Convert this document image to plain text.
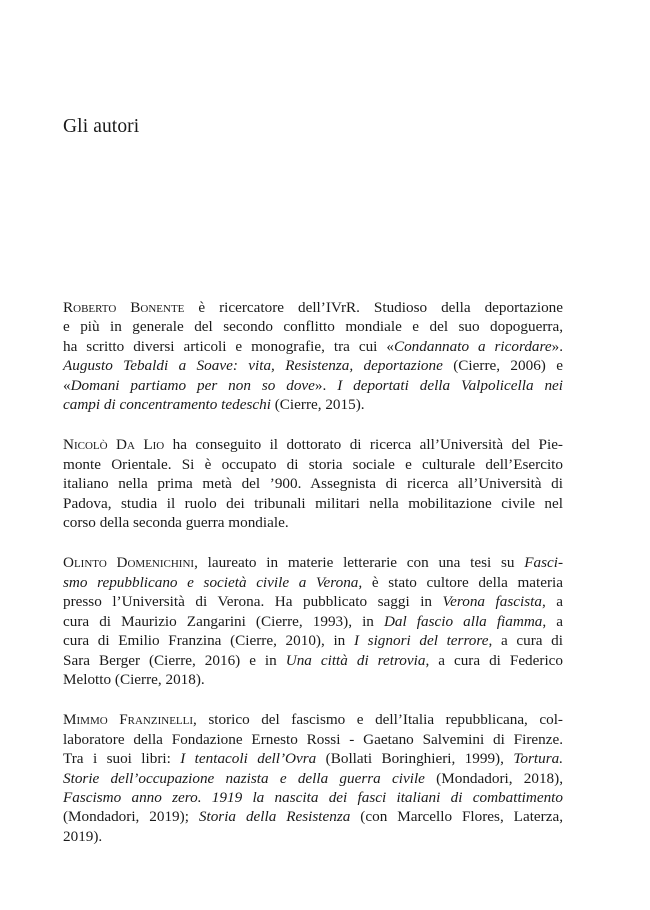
Gli autori

Roberto Bonente è ricercatore dell’IVrR. Studioso della deportazione
e più in generale del secondo conflitto mondiale e del suo dopoguerra,
ha scritto diversi articoli e monografie, tra cui «Condannato a ricordare».
Augusto Tebaldi a Soave: vita, Resistenza, deportazione (Cierre, 2006) e
«Domani partiamo per non so dove». I deportati della Valpolicella nei
campi di concentramento tedeschi (Cierre, 2015).

Nicolò Da Lio ha conseguito il dottorato di ricerca all’Università del Pie-
monte Orientale. Si è occupato di storia sociale e culturale dell’Esercito
italiano nella prima metà del ’900. Assegnista di ricerca all’Università di
Padova, studia il ruolo dei tribunali militari nella mobilitazione civile nel
corso della seconda guerra mondiale.

Olinto Domenichini, laureato in materie letterarie con una tesi su Fasci-
smo repubblicano e società civile a Verona, è stato cultore della materia
presso l’Università di Verona. Ha pubblicato saggi in Verona fascista, a
cura di Maurizio Zangarini (Cierre, 1993), in Dal fascio alla fiamma, a
cura di Emilio Franzina (Cierre, 2010), in I signori del terrore, a cura di
Sara Berger (Cierre, 2016) e in Una città di retrovia, a cura di Federico
Melotto (Cierre, 2018).

Mimmo Franzinelli, storico del fascismo e dell’Italia repubblicana, col-
laboratore della Fondazione Ernesto Rossi - Gaetano Salvemini di Firenze.
Tra i suoi libri: I tentacoli dell’Ovra (Bollati Boringhieri, 1999), Tortura.
Storie dell’occupazione nazista e della guerra civile (Mondadori, 2018),
Fascismo anno zero. 1919 la nascita dei fasci italiani di combattimento
(Mondadori, 2019); Storia della Resistenza (con Marcello Flores, Laterza,
2019).
